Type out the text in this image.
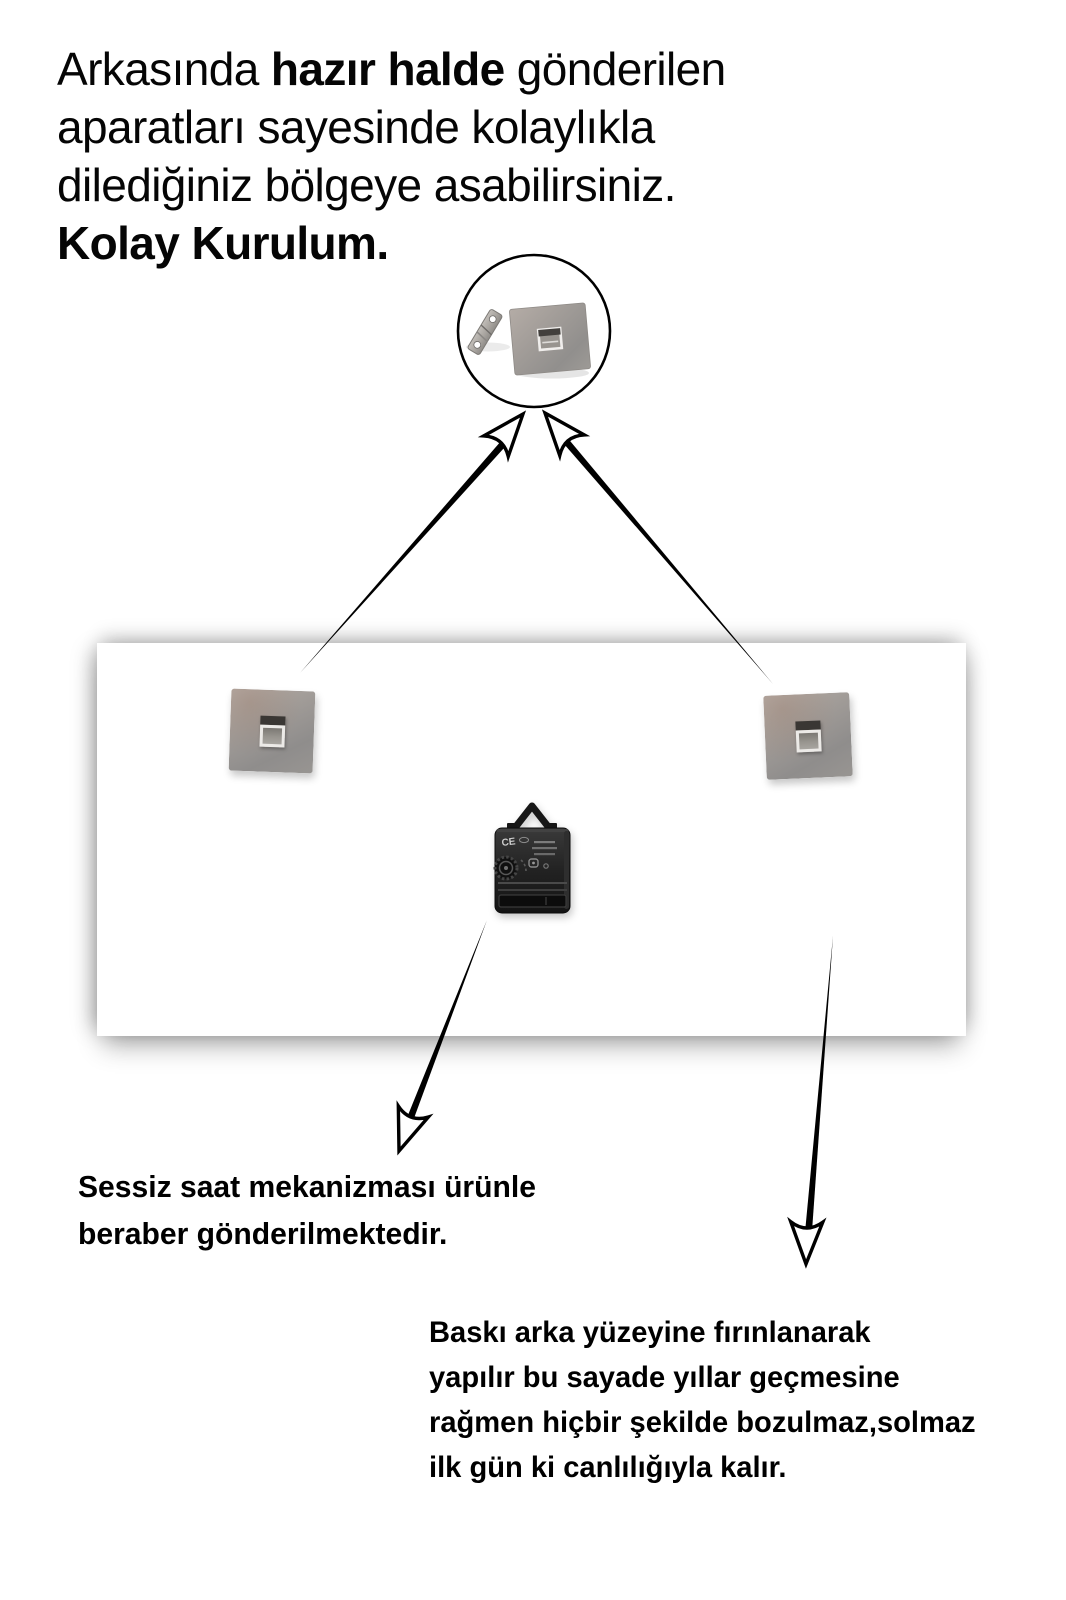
Arkasında hazır halde gönderilen
aparatları sayesinde kolaylıkla
dilediğiniz bölgeye asabilirsiniz.
Kolay Kurulum.
CE
Sessiz saat mekanizması ürünle
beraber gönderilmektedir.
Baskı arka yüzeyine fırınlanarak
yapılır bu sayade yıllar geçmesine
rağmen hiçbir şekilde bozulmaz,solmaz
ilk gün ki canlılığıyla kalır.
